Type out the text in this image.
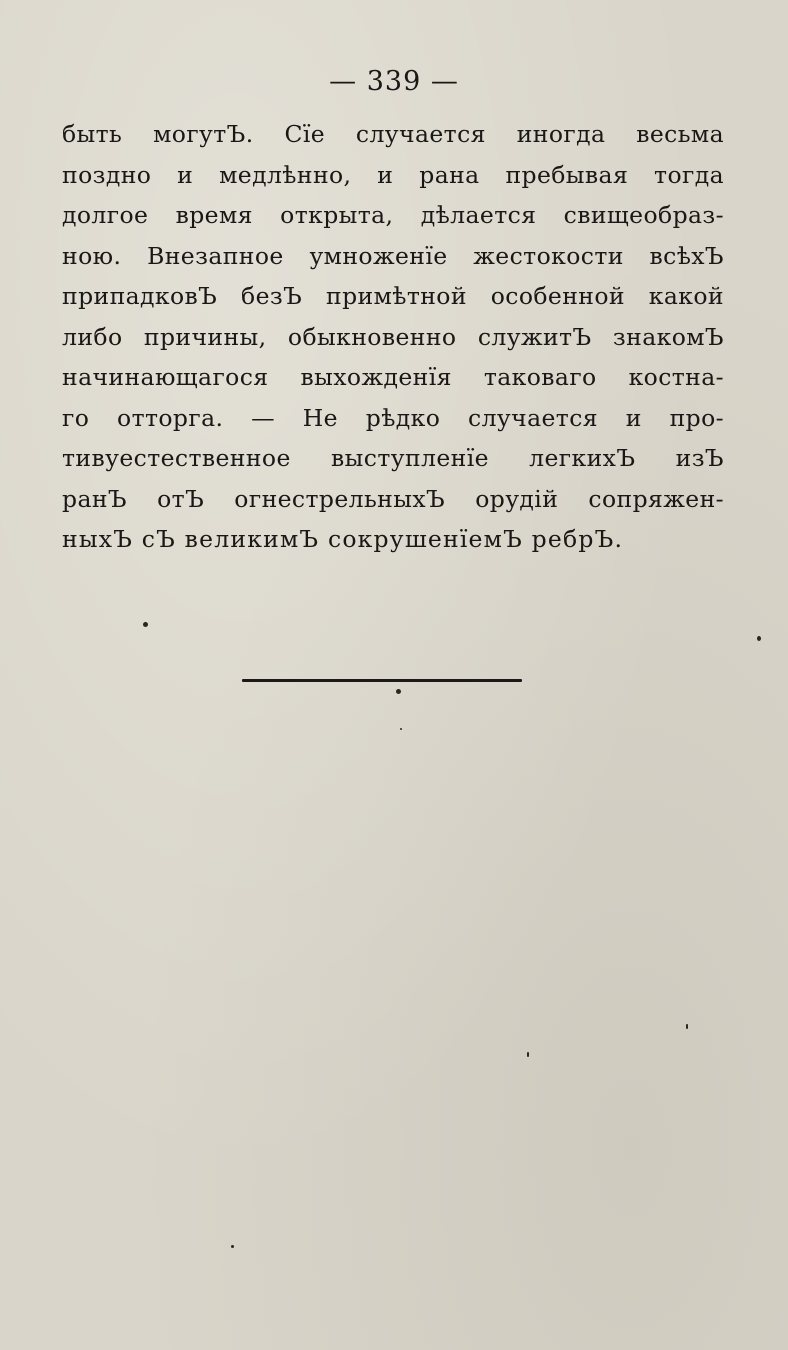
— 339 —
быть могутЪ. Сїе случается иногда весьма
поздно и медлѣнно, и рана пребывая тогда
долгое время открыта, дѣлается свищеобраз-
ною. Внезапное умноженїе жестокости всѣхЪ
припадковЪ безЪ примѣтной особенной какой
либо причины, обыкновенно служитЪ знакомЪ
начинающагося выхожденїя таковаго костна-
го отторга. — Не рѣдко случается и про-
тивуестественное выступленїе легкихЪ изЪ
ранЪ отЪ огнестрельныхЪ орудій сопряжен-
ныхЪ сЪ великимЪ сокрушенїемЪ ребрЪ.
